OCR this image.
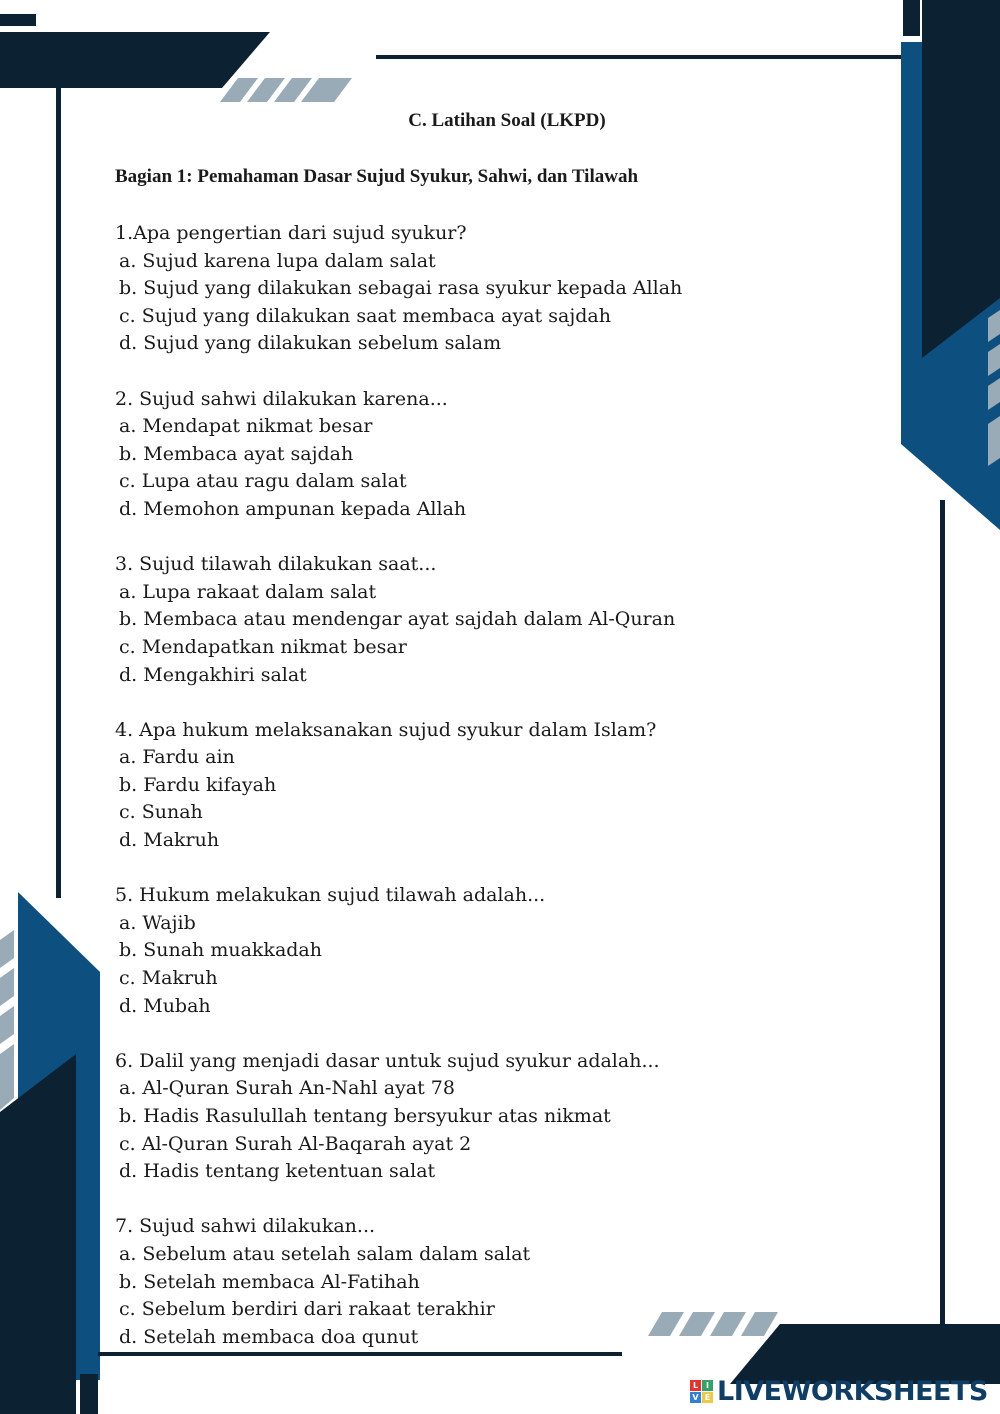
C. Latihan Soal (LKPD)
Bagian 1: Pemahaman Dasar Sujud Syukur, Sahwi, dan Tilawah
1.Apa pengertian dari sujud syukur?
a. Sujud karena lupa dalam salat
b. Sujud yang dilakukan sebagai rasa syukur kepada Allah
c. Sujud yang dilakukan saat membaca ayat sajdah
d. Sujud yang dilakukan sebelum salam
2. Sujud sahwi dilakukan karena...
a. Mendapat nikmat besar
b. Membaca ayat sajdah
c. Lupa atau ragu dalam salat
d. Memohon ampunan kepada Allah
3. Sujud tilawah dilakukan saat...
a. Lupa rakaat dalam salat
b. Membaca atau mendengar ayat sajdah dalam Al-Quran
c. Mendapatkan nikmat besar
d. Mengakhiri salat
4. Apa hukum melaksanakan sujud syukur dalam Islam?
a. Fardu ain
b. Fardu kifayah
c. Sunah
d. Makruh
5. Hukum melakukan sujud tilawah adalah...
a. Wajib
b. Sunah muakkadah
c. Makruh
d. Mubah
6. Dalil yang menjadi dasar untuk sujud syukur adalah...
a. Al-Quran Surah An-Nahl ayat 78
b. Hadis Rasulullah tentang bersyukur atas nikmat
c. Al-Quran Surah Al-Baqarah ayat 2
d. Hadis tentang ketentuan salat
7. Sujud sahwi dilakukan...
a. Sebelum atau setelah salam dalam salat
b. Setelah membaca Al-Fatihah
c. Sebelum berdiri dari rakaat terakhir
d. Setelah membaca doa qunut
L I
V E LIVEWORKSHEETS
